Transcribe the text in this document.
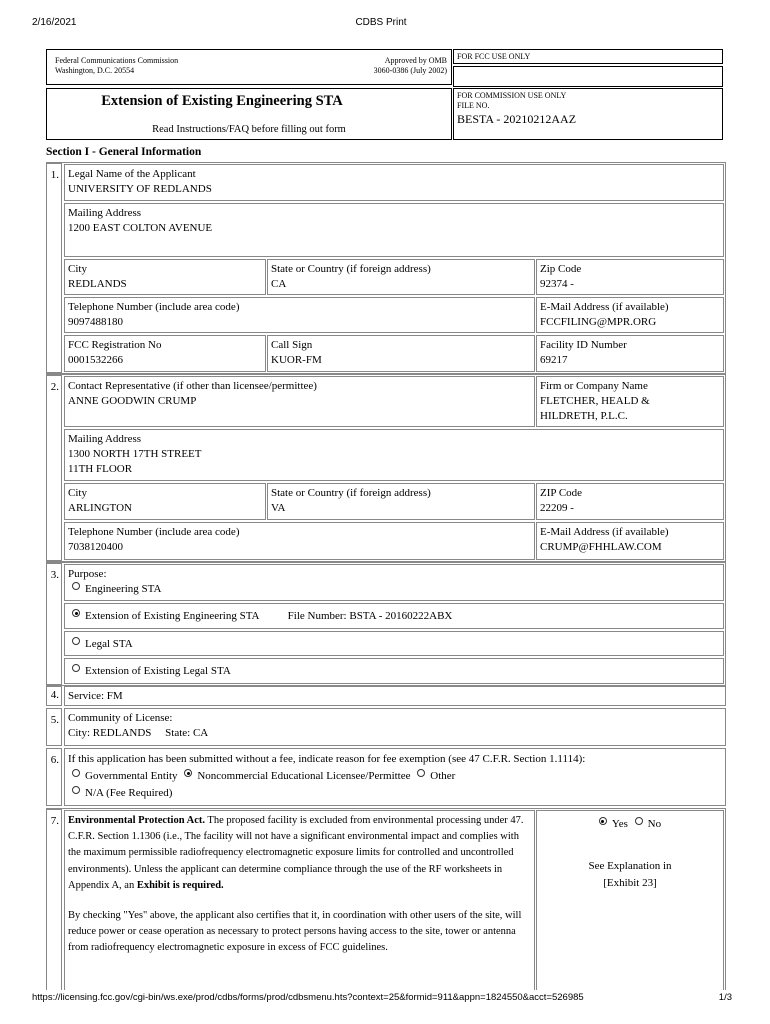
2/16/2021	CDBS Print
Federal Communications Commission
Washington, D.C. 20554
Approved by OMB
3060-0386 (July 2002)
FOR FCC USE ONLY
Extension of Existing Engineering STA
Read Instructions/FAQ before filling out form
FOR COMMISSION USE ONLY
FILE NO.
BESTA - 20210212AAZ
Section I - General Information
1. Legal Name of the Applicant
UNIVERSITY OF REDLANDS
Mailing Address
1200 EAST COLTON AVENUE
City
REDLANDS
State or Country (if foreign address)
CA
Zip Code
92374 -
Telephone Number (include area code)
9097488180
E-Mail Address (if available)
FCCFILING@MPR.ORG
FCC Registration No
0001532266
Call Sign
KUOR-FM
Facility ID Number
69217
2. Contact Representative (if other than licensee/permittee)
ANNE GOODWIN CRUMP
Firm or Company Name
FLETCHER, HEALD &
HILDRETH, P.L.C.
Mailing Address
1300 NORTH 17TH STREET
11TH FLOOR
City
ARLINGTON
State or Country (if foreign address)
VA
ZIP Code
22209 -
Telephone Number (include area code)
7038120400
E-Mail Address (if available)
CRUMP@FHHLAW.COM
3. Purpose:
Engineering STA
Extension of Existing Engineering STA	File Number: BSTA - 20160222ABX
Legal STA
Extension of Existing Legal STA
4. Service: FM
5. Community of License:
City: REDLANDS     State: CA
6. If this application has been submitted without a fee, indicate reason for fee exemption (see 47 C.F.R. Section 1.1114):
Governmental Entity Noncommercial Educational Licensee/Permittee Other
N/A (Fee Required)
7. Environmental Protection Act. The proposed facility is excluded from environmental processing under 47. C.F.R. Section 1.1306 (i.e., The facility will not have a significant environmental impact and complies with the maximum permissible radiofrequency electromagnetic exposure limits for controlled and uncontrolled environments). Unless the applicant can determine compliance through the use of the RF worksheets in Appendix A, an Exhibit is required.
By checking "Yes" above, the applicant also certifies that it, in coordination with other users of the site, will reduce power or cease operation as necessary to protect persons having access to the site, tower or antenna from radiofrequency electromagnetic exposure in excess of FCC guidelines.
Yes No
See Explanation in
[Exhibit 23]
https://licensing.fcc.gov/cgi-bin/ws.exe/prod/cdbs/forms/prod/cdbsmenu.hts?context=25&formid=911&appn=1824550&acct=526985	1/3
